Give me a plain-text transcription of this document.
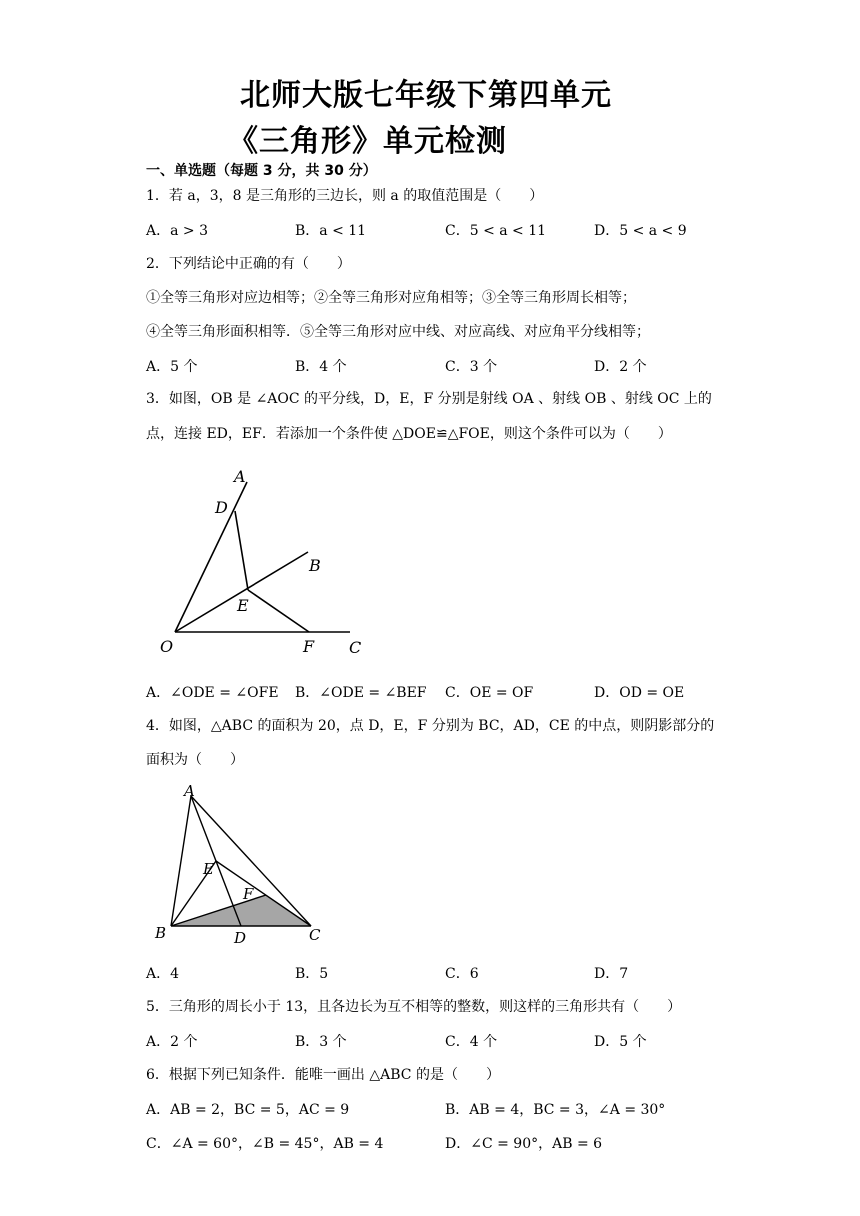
北师大版七年级下第四单元
《三角形》单元检测
一、单选题（每题 3 分，共 30 分）
1．若 a，3，8 是三角形的三边长，则 a 的取值范围是（　　）
A．a > 3	B．a < 11	C．5 < a < 11	D．5 < a < 9
2．下列结论中正确的有（　　）
①全等三角形对应边相等；②全等三角形对应角相等；③全等三角形周长相等；
④全等三角形面积相等．⑤全等三角形对应中线、对应高线、对应角平分线相等；
A．5 个	B．4 个	C．3 个	D．2 个
3．如图，OB 是 ∠AOC 的平分线，D，E，F 分别是射线 OA 、射线 OB 、射线 OC 上的
点，连接 ED，EF．若添加一个条件使 △DOE≌△FOE，则这个条件可以为（　　）
A
D
B
E
O	F C
A．∠ODE = ∠OFE B．∠ODE = ∠BEF C．OE = OF	D．OD = OE
4．如图，△ABC 的面积为 20，点 D，E，F 分别为 BC，AD，CE 的中点，则阴影部分的
面积为（　　）
A
E
F
B	D	C
A．4	B．5	C．6	D．7
5．三角形的周长小于 13，且各边长为互不相等的整数，则这样的三角形共有（　　）
A．2 个	B．3 个	C．4 个	D．5 个
6．根据下列已知条件．能唯一画出 △ABC 的是（　　）
A．AB = 2，BC = 5，AC = 9	B．AB = 4，BC = 3，∠A = 30°
C．∠A = 60°，∠B = 45°，AB = 4	D．∠C = 90°，AB = 6
